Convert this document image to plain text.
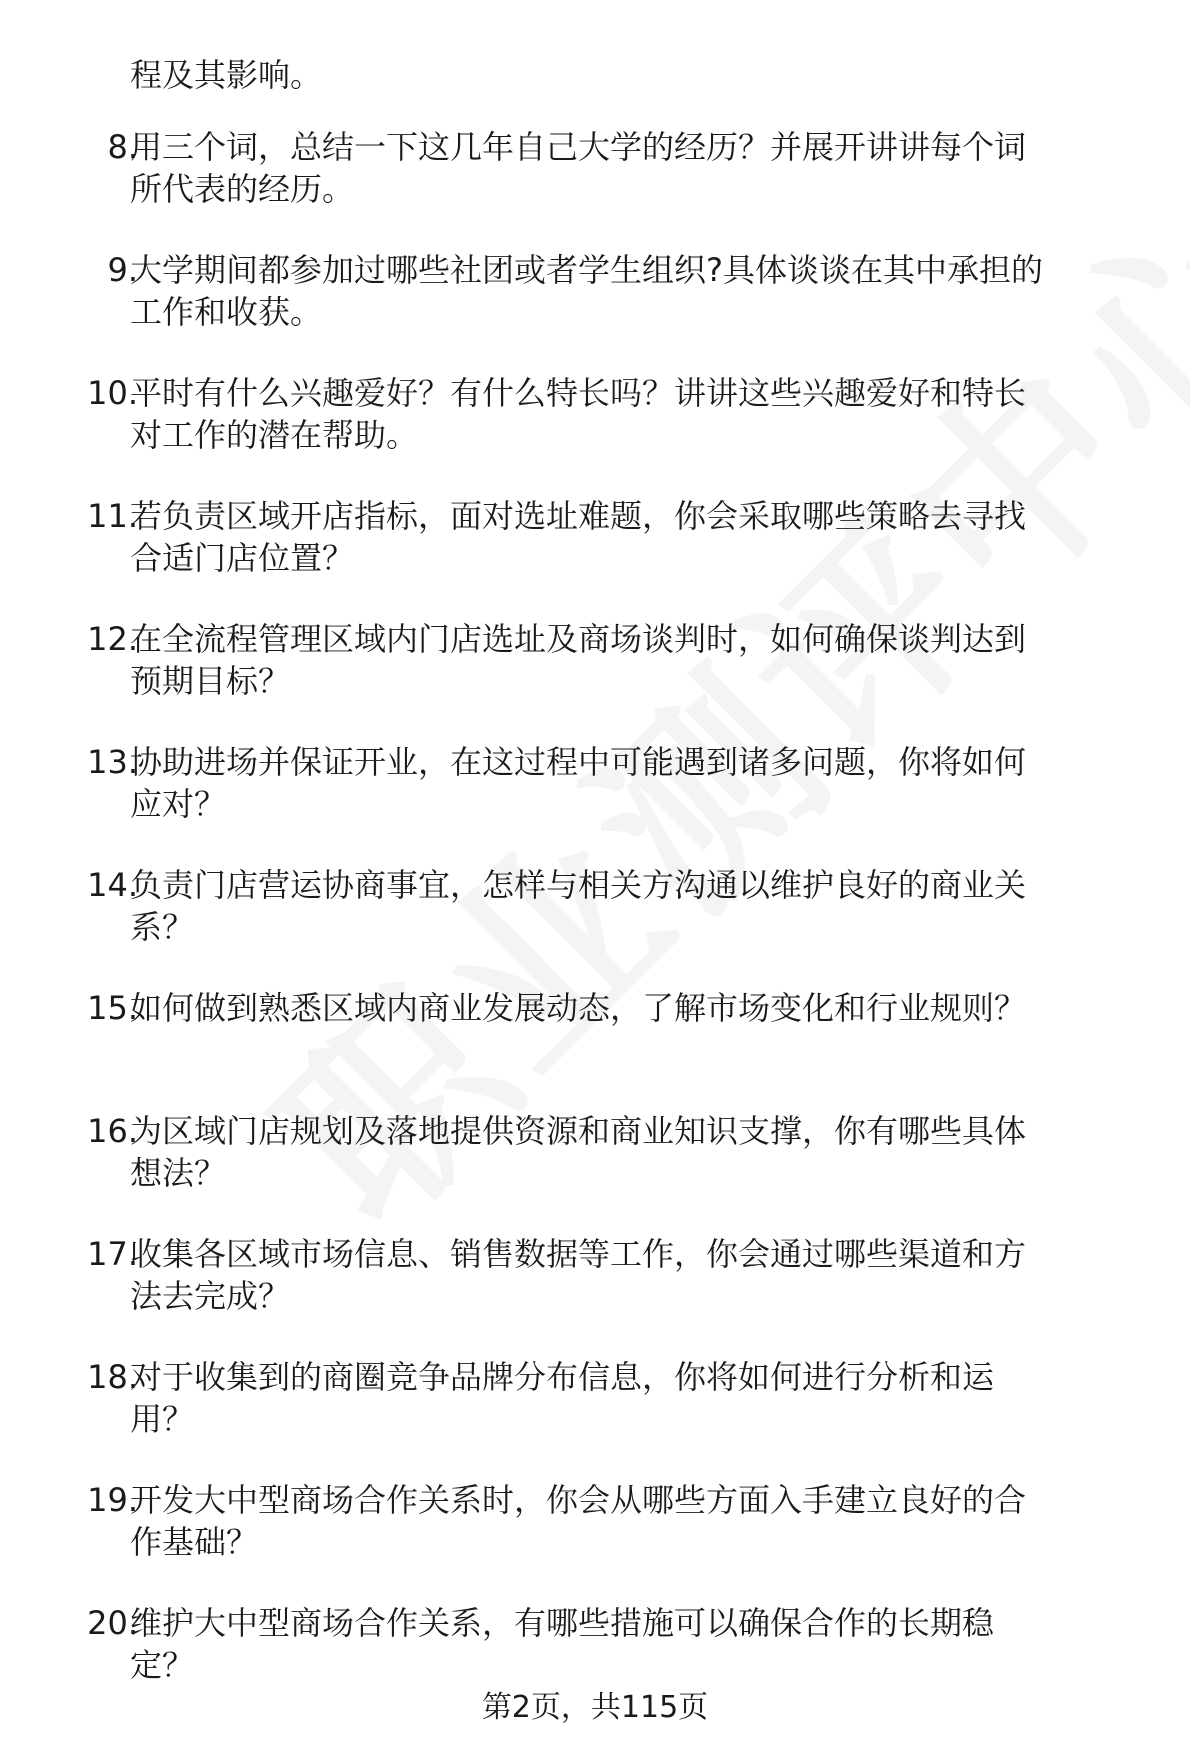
程及其影响。

8.
用三个词，总结一下这几年自己大学的经历？并展开讲讲每个词
所代表的经历。
9.
大学期间都参加过哪些社团或者学生组织?具体谈谈在其中承担的
工作和收获。
10.
平时有什么兴趣爱好？有什么特长吗？讲讲这些兴趣爱好和特长
对工作的潜在帮助。
11.
若负责区域开店指标，面对选址难题，你会采取哪些策略去寻找
合适门店位置？
12.
在全流程管理区域内门店选址及商场谈判时，如何确保谈判达到
预期目标？
13.
协助进场并保证开业，在这过程中可能遇到诸多问题，你将如何
应对？
14.
负责门店营运协商事宜，怎样与相关方沟通以维护良好的商业关
系？
15.
如何做到熟悉区域内商业发展动态，了解市场变化和行业规则？
16.
为区域门店规划及落地提供资源和商业知识支撑，你有哪些具体
想法？
17.
收集各区域市场信息、销售数据等工作，你会通过哪些渠道和方
法去完成？
18.
对于收集到的商圈竞争品牌分布信息，你将如何进行分析和运
用？
19.
开发大中型商场合作关系时，你会从哪些方面入手建立良好的合
作基础？
20.
维护大中型商场合作关系，有哪些措施可以确保合作的长期稳
定？
第2页，共115页
